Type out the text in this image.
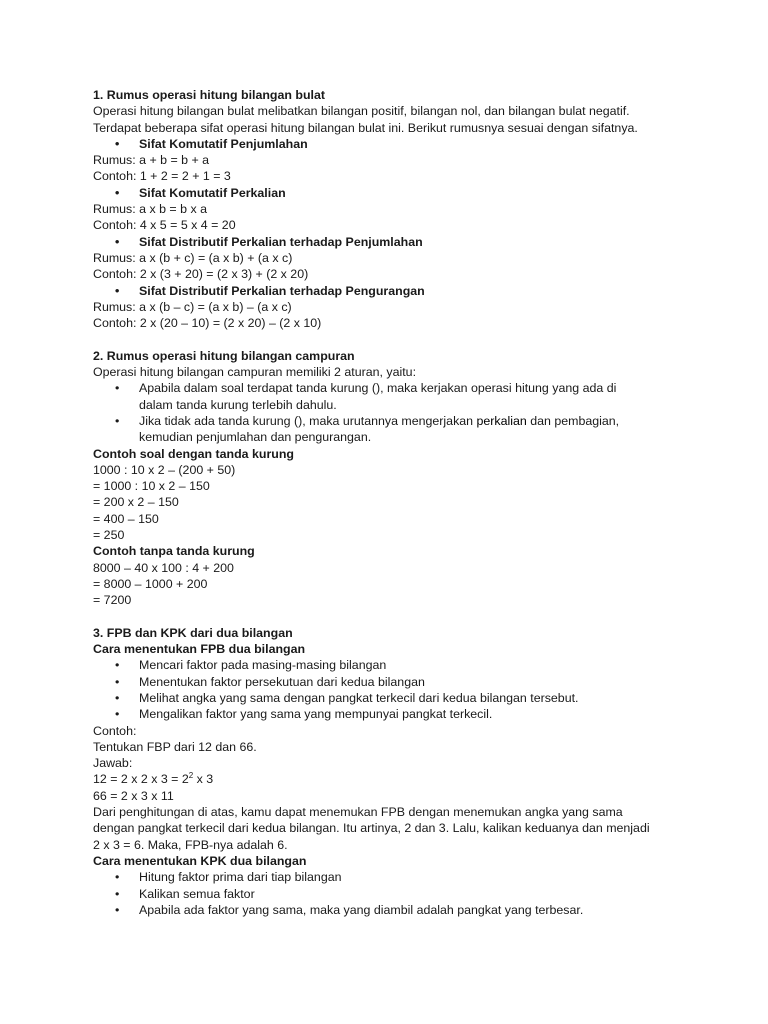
1. Rumus operasi hitung bilangan bulat
Operasi hitung bilangan bulat melibatkan bilangan positif, bilangan nol, dan bilangan bulat negatif.
Terdapat beberapa sifat operasi hitung bilangan bulat ini. Berikut rumusnya sesuai dengan sifatnya.
• Sifat Komutatif Penjumlahan
Rumus: a + b = b + a
Contoh: 1 + 2 = 2 + 1 = 3
• Sifat Komutatif Perkalian
Rumus: a x b = b x a
Contoh: 4 x 5 = 5 x 4 = 20
• Sifat Distributif Perkalian terhadap Penjumlahan
Rumus: a x (b + c) = (a x b) + (a x c)
Contoh: 2 x (3 + 20) = (2 x 3) + (2 x 20)
• Sifat Distributif Perkalian terhadap Pengurangan
Rumus: a x (b – c) = (a x b) – (a x c)
Contoh: 2 x (20 – 10) = (2 x 20) – (2 x 10)
2. Rumus operasi hitung bilangan campuran
Operasi hitung bilangan campuran memiliki 2 aturan, yaitu:
• Apabila dalam soal terdapat tanda kurung (), maka kerjakan operasi hitung yang ada di
dalam tanda kurung terlebih dahulu.
• Jika tidak ada tanda kurung (), maka urutannya mengerjakan perkalian dan pembagian,
kemudian penjumlahan dan pengurangan.
Contoh soal dengan tanda kurung
1000 : 10 x 2 – (200 + 50)
= 1000 : 10 x 2 – 150
= 200 x 2 – 150
= 400 – 150
= 250
Contoh tanpa tanda kurung
8000 – 40 x 100 : 4 + 200
= 8000 – 1000 + 200
= 7200
3. FPB dan KPK dari dua bilangan
Cara menentukan FPB dua bilangan
• Mencari faktor pada masing-masing bilangan
• Menentukan faktor persekutuan dari kedua bilangan
• Melihat angka yang sama dengan pangkat terkecil dari kedua bilangan tersebut.
• Mengalikan faktor yang sama yang mempunyai pangkat terkecil.
Contoh:
Tentukan FBP dari 12 dan 66.
Jawab:
12 = 2 x 2 x $3 = 2^2$ x 3
66 = 2 x 3 x 11
Dari penghitungan di atas, kamu dapat menemukan FPB dengan menemukan angka yang sama
dengan pangkat terkecil dari kedua bilangan. Itu artinya, 2 dan 3. Lalu, kalikan keduanya dan menjadi
2 x 3 = 6. Maka, FPB-nya adalah 6.
Cara menentukan KPK dua bilangan
• Hitung faktor prima dari tiap bilangan
• Kalikan semua faktor
• Apabila ada faktor yang sama, maka yang diambil adalah pangkat yang terbesar.
